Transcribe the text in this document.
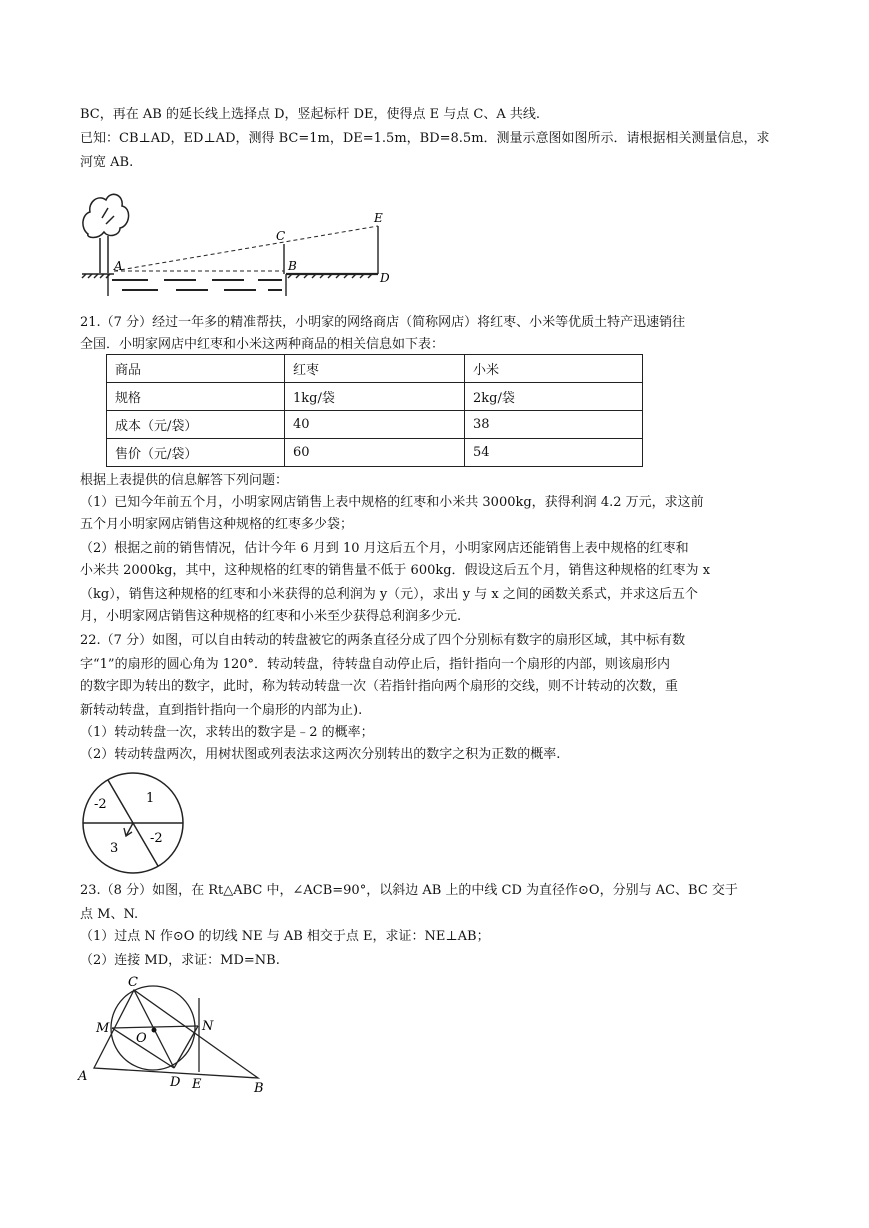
BC，再在 AB 的延长线上选择点 D，竖起标杆 DE，使得点 E 与点 C、A 共线.
已知：CB⊥AD，ED⊥AD，测得 BC=1m，DE=1.5m，BD=8.5m．测量示意图如图所示．请根据相关测量信息，求
河宽 AB.
A	B
C
E
D
21.（7 分）经过一年多的精准帮扶，小明家的网络商店（简称网店）将红枣、小米等优质土特产迅速销往
全国．小明家网店中红枣和小米这两种商品的相关信息如下表：
商品	红枣	小米
规格	1kg/袋	2kg/袋
成本（元/袋）	40	38
售价（元/袋）	60	54
根据上表提供的信息解答下列问题：
（1）已知今年前五个月，小明家网店销售上表中规格的红枣和小米共 3000kg，获得利润 4.2 万元，求这前
五个月小明家网店销售这种规格的红枣多少袋；
（2）根据之前的销售情况，估计今年 6 月到 10 月这后五个月，小明家网店还能销售上表中规格的红枣和
小米共 2000kg，其中，这种规格的红枣的销售量不低于 600kg．假设这后五个月，销售这种规格的红枣为 x
（kg），销售这种规格的红枣和小米获得的总利润为 y（元），求出 y 与 x 之间的函数关系式，并求这后五个
月，小明家网店销售这种规格的红枣和小米至少获得总利润多少元.
22.（7 分）如图，可以自由转动的转盘被它的两条直径分成了四个分别标有数字的扇形区域，其中标有数
字“1”的扇形的圆心角为 120°．转动转盘，待转盘自动停止后，指针指向一个扇形的内部，则该扇形内
的数字即为转出的数字，此时，称为转动转盘一次（若指针指向两个扇形的交线，则不计转动的次数，重
新转动转盘，直到指针指向一个扇形的内部为止).
（1）转动转盘一次，求转出的数字是﹣2 的概率；
（2）转动转盘两次，用树状图或列表法求这两次分别转出的数字之积为正数的概率.
1
-2
3
-2
23.（8 分）如图，在 Rt△ABC 中，∠ACB=90°，以斜边 AB 上的中线 CD 为直径作⊙O，分别与 AC、BC 交于
点 M、N.
（1）过点 N 作⊙O 的切线 NE 与 AB 相交于点 E，求证：NE⊥AB；
（2）连接 MD，求证：MD=NB.
C
M	N
O
A	D E	B
